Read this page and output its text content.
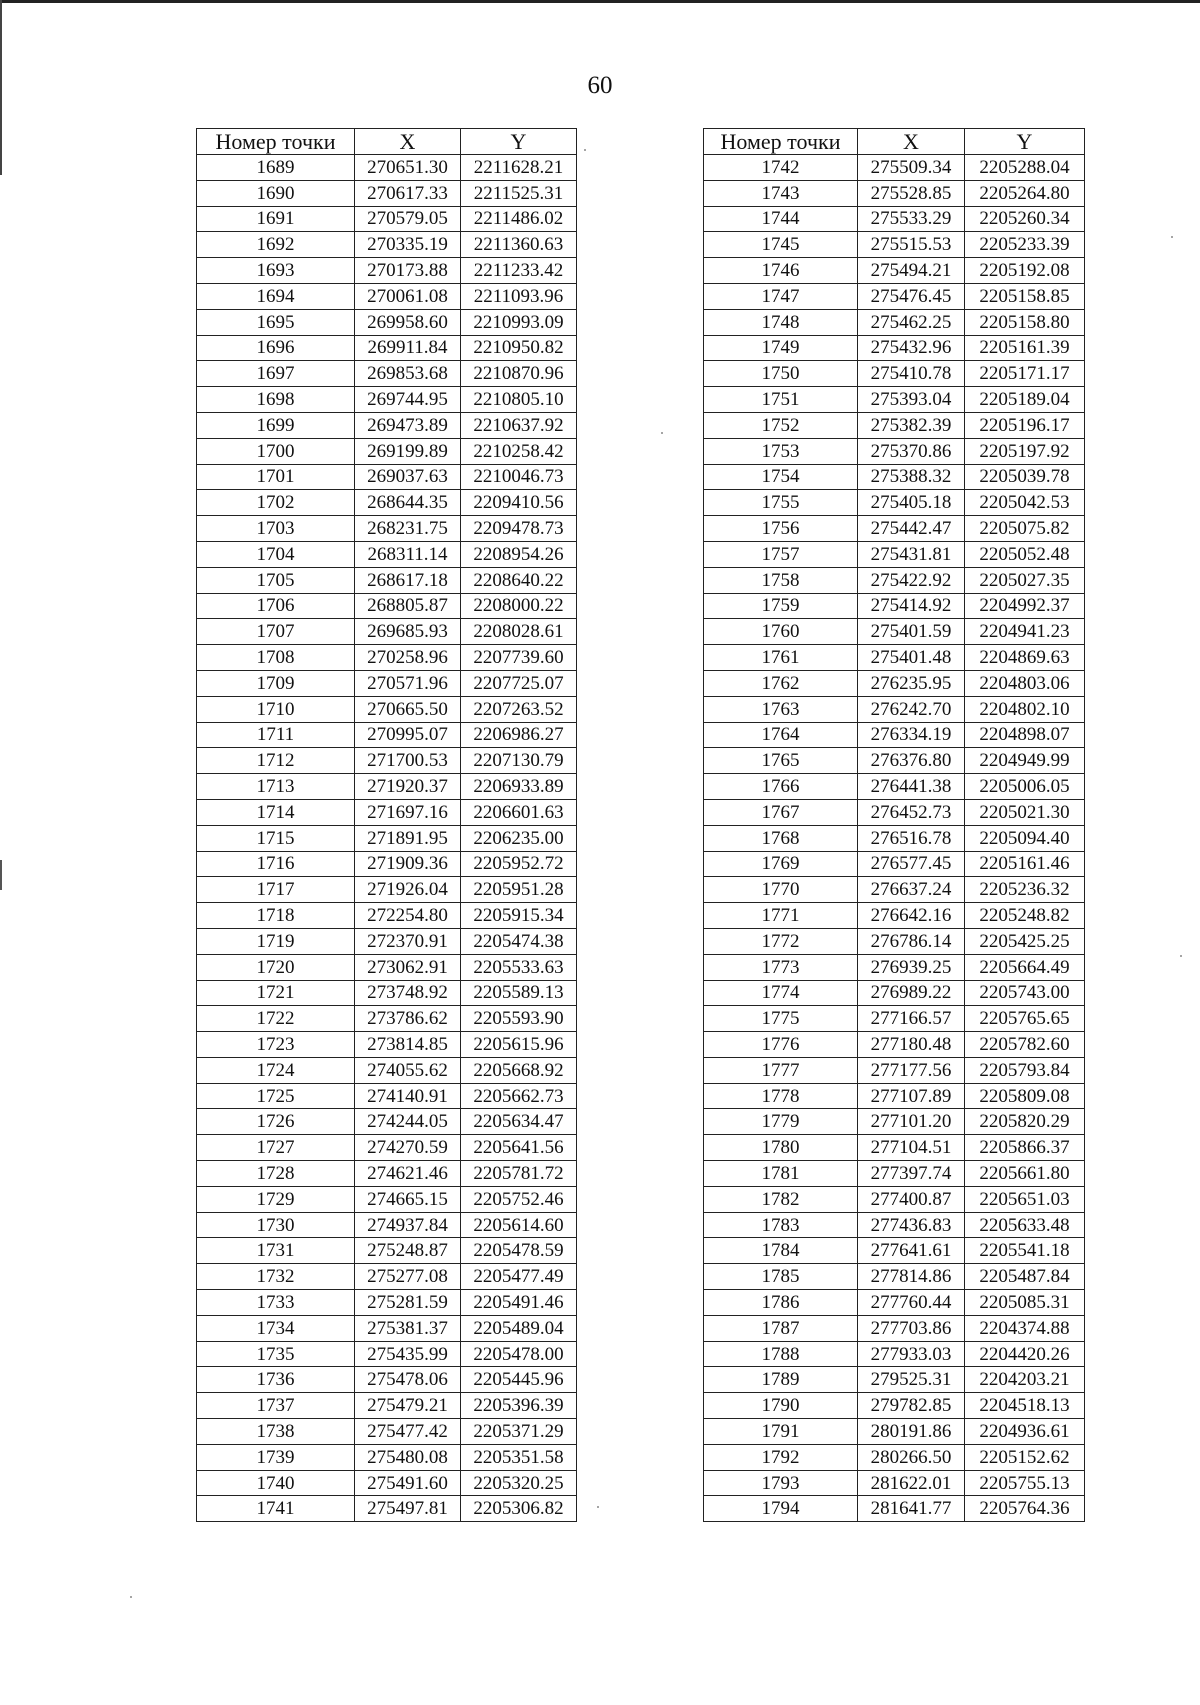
60
Номер точки	X	Y
1689	270651.30	2211628.21
1690	270617.33	2211525.31
1691	270579.05	2211486.02
1692	270335.19	2211360.63
1693	270173.88	2211233.42
1694	270061.08	2211093.96
1695	269958.60	2210993.09
1696	269911.84	2210950.82
1697	269853.68	2210870.96
1698	269744.95	2210805.10
1699	269473.89	2210637.92
1700	269199.89	2210258.42
1701	269037.63	2210046.73
1702	268644.35	2209410.56
1703	268231.75	2209478.73
1704	268311.14	2208954.26
1705	268617.18	2208640.22
1706	268805.87	2208000.22
1707	269685.93	2208028.61
1708	270258.96	2207739.60
1709	270571.96	2207725.07
1710	270665.50	2207263.52
1711	270995.07	2206986.27
1712	271700.53	2207130.79
1713	271920.37	2206933.89
1714	271697.16	2206601.63
1715	271891.95	2206235.00
1716	271909.36	2205952.72
1717	271926.04	2205951.28
1718	272254.80	2205915.34
1719	272370.91	2205474.38
1720	273062.91	2205533.63
1721	273748.92	2205589.13
1722	273786.62	2205593.90
1723	273814.85	2205615.96
1724	274055.62	2205668.92
1725	274140.91	2205662.73
1726	274244.05	2205634.47
1727	274270.59	2205641.56
1728	274621.46	2205781.72
1729	274665.15	2205752.46
1730	274937.84	2205614.60
1731	275248.87	2205478.59
1732	275277.08	2205477.49
1733	275281.59	2205491.46
1734	275381.37	2205489.04
1735	275435.99	2205478.00
1736	275478.06	2205445.96
1737	275479.21	2205396.39
1738	275477.42	2205371.29
1739	275480.08	2205351.58
1740	275491.60	2205320.25
1741	275497.81	2205306.82
Номер точки	X	Y
1742	275509.34	2205288.04
1743	275528.85	2205264.80
1744	275533.29	2205260.34
1745	275515.53	2205233.39
1746	275494.21	2205192.08
1747	275476.45	2205158.85
1748	275462.25	2205158.80
1749	275432.96	2205161.39
1750	275410.78	2205171.17
1751	275393.04	2205189.04
1752	275382.39	2205196.17
1753	275370.86	2205197.92
1754	275388.32	2205039.78
1755	275405.18	2205042.53
1756	275442.47	2205075.82
1757	275431.81	2205052.48
1758	275422.92	2205027.35
1759	275414.92	2204992.37
1760	275401.59	2204941.23
1761	275401.48	2204869.63
1762	276235.95	2204803.06
1763	276242.70	2204802.10
1764	276334.19	2204898.07
1765	276376.80	2204949.99
1766	276441.38	2205006.05
1767	276452.73	2205021.30
1768	276516.78	2205094.40
1769	276577.45	2205161.46
1770	276637.24	2205236.32
1771	276642.16	2205248.82
1772	276786.14	2205425.25
1773	276939.25	2205664.49
1774	276989.22	2205743.00
1775	277166.57	2205765.65
1776	277180.48	2205782.60
1777	277177.56	2205793.84
1778	277107.89	2205809.08
1779	277101.20	2205820.29
1780	277104.51	2205866.37
1781	277397.74	2205661.80
1782	277400.87	2205651.03
1783	277436.83	2205633.48
1784	277641.61	2205541.18
1785	277814.86	2205487.84
1786	277760.44	2205085.31
1787	277703.86	2204374.88
1788	277933.03	2204420.26
1789	279525.31	2204203.21
1790	279782.85	2204518.13
1791	280191.86	2204936.61
1792	280266.50	2205152.62
1793	281622.01	2205755.13
1794	281641.77	2205764.36
